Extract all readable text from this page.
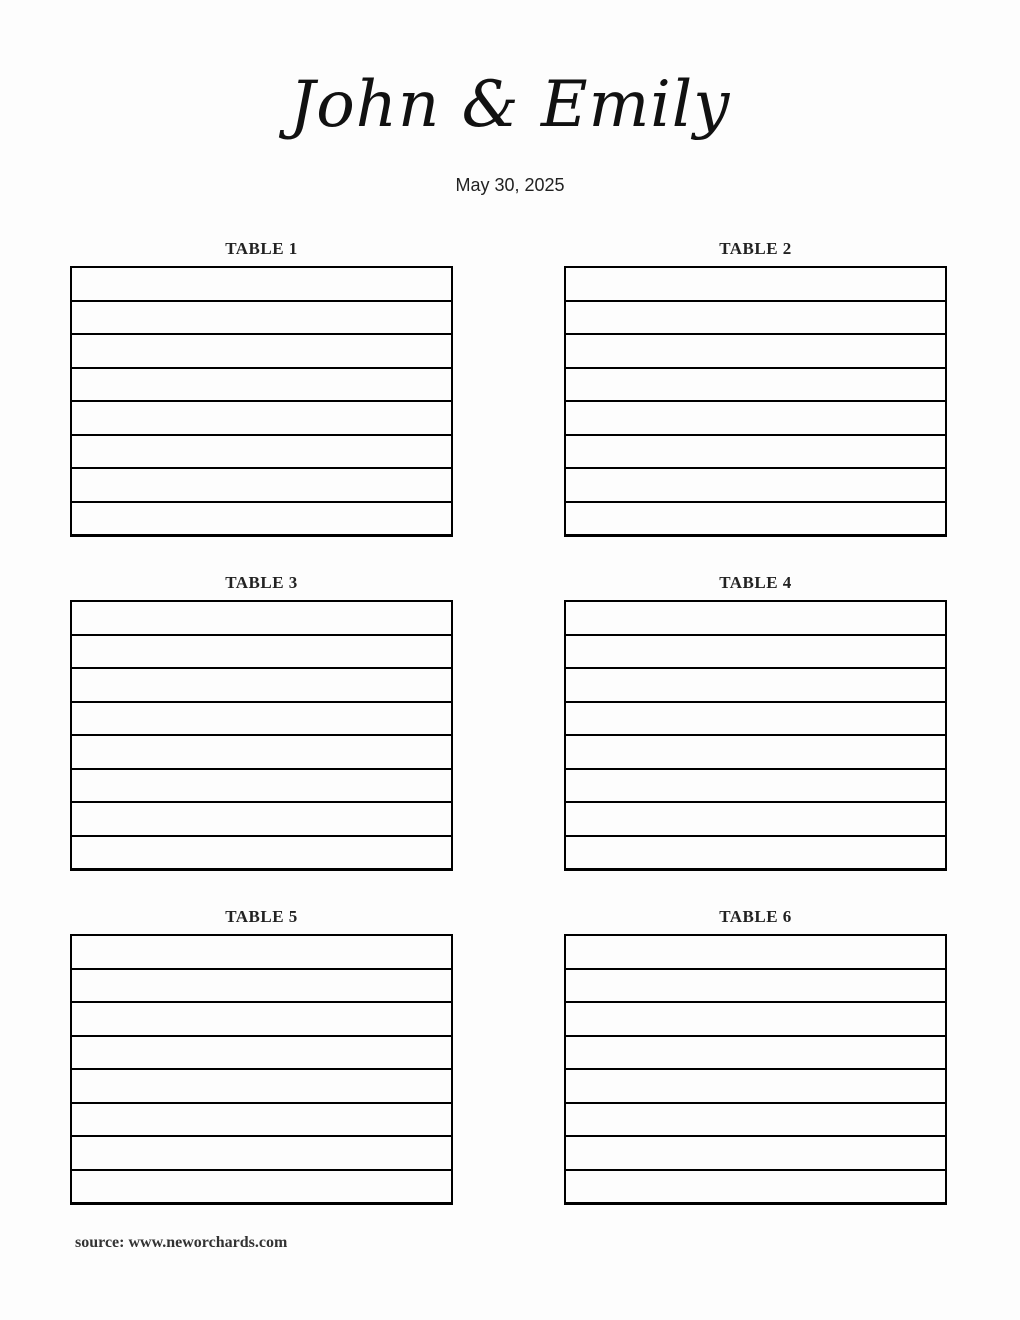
John & Emily
May 30, 2025
TABLE 1	TABLE 2
TABLE 3	TABLE 4
TABLE 5	TABLE 6
source: www.neworchards.com
